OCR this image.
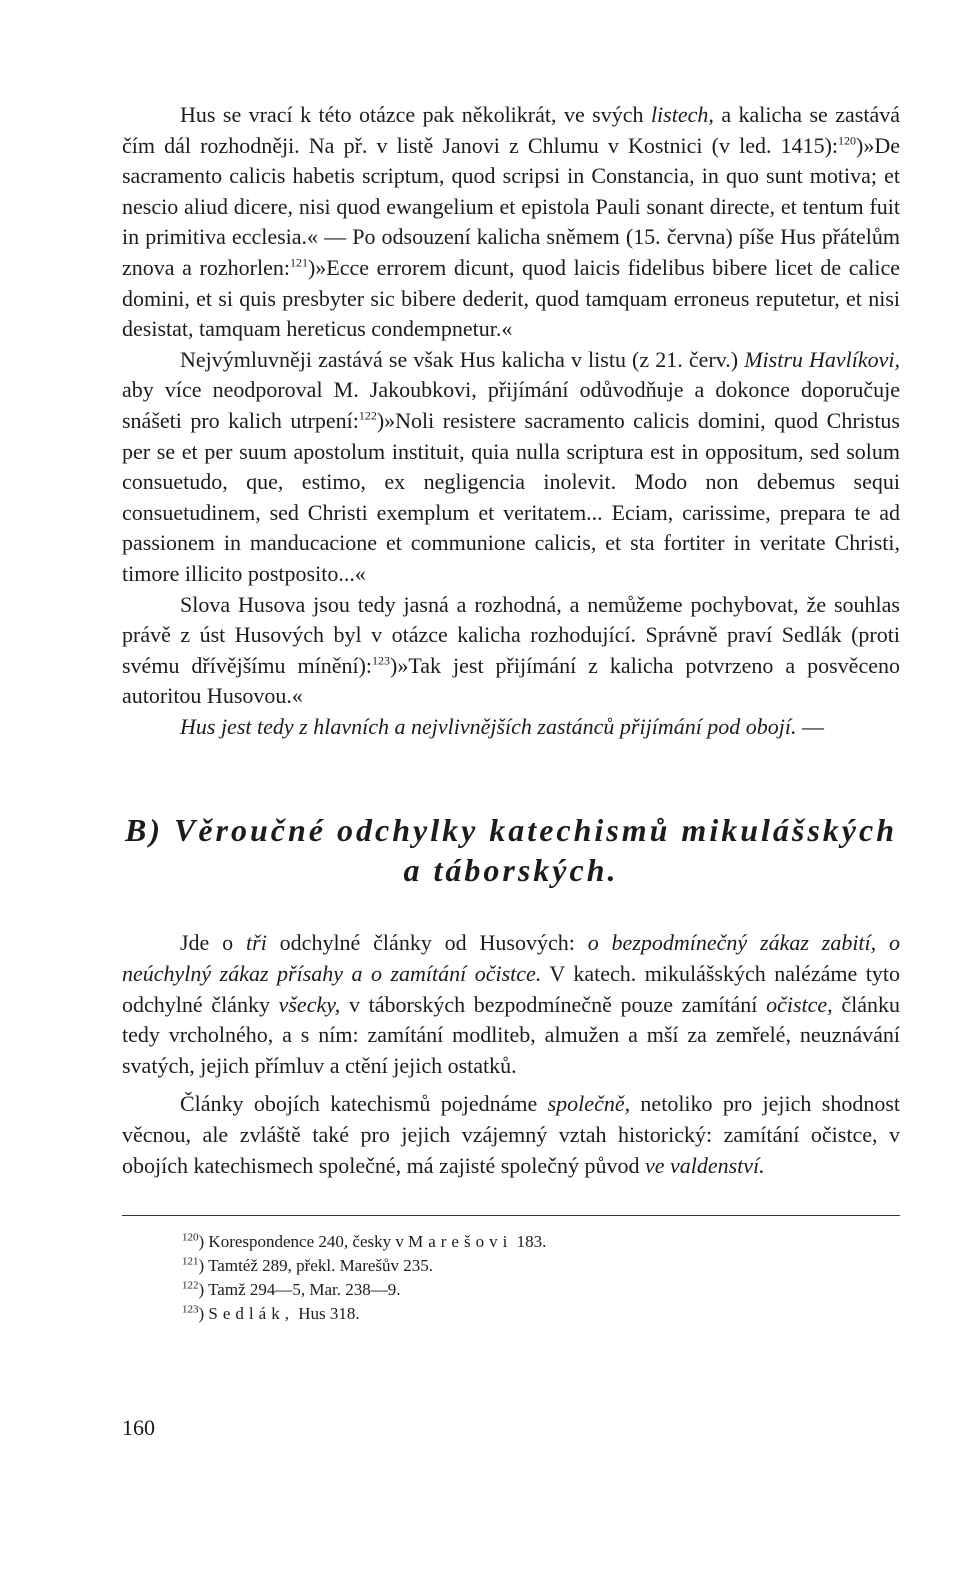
Hus se vrací k této otázce pak několikrát, ve svých listech, a kalicha se zastává čím dál rozhodněji. Na př. v listě Janovi z Chlumu v Kostnici (v led. 1415):$^{120}$)»De sacramento calicis habetis scriptum, quod scripsi in Constancia, in quo sunt motiva; et nescio aliud dicere, nisi quod ewangelium et epistola Pauli sonant directe, et tentum fuit in primitiva ecclesia.« — Po odsouzení kalicha sněmem (15. června) píše Hus přátelům znova a rozhorlen:$^{121}$)»Ecce errorem dicunt, quod laicis fidelibus bibere licet de calice domini, et si quis presbyter sic bibere dederit, quod tamquam erroneus reputetur, et nisi desistat, tamquam hereticus condempnetur.«

Nejvýmluvněji zastává se však Hus kalicha v listu (z 21. červ.) Mistru Havlíkovi, aby více neodporoval M. Jakoubkovi, přijímání odůvodňuje a dokonce doporučuje snášeti pro kalich utrpení:$^{122}$)»Noli resistere sacramento calicis domini, quod Christus per se et per suum apostolum instituit, quia nulla scriptura est in oppositum, sed solum consuetudo, que, estimo, ex negligencia inolevit. Modo non debemus sequi consuetudinem, sed Christi exemplum et veritatem... Eciam, carissime, prepara te ad passionem in manducacione et communione calicis, et sta fortiter in veritate Christi, timore illicito postposito...«

Slova Husova jsou tedy jasná a rozhodná, a nemůžeme pochybovat, že souhlas právě z úst Husových byl v otázce kalicha rozhodující. Správně praví Sedlák (proti svému dřívějšímu mínění):$^{123}$)»Tak jest přijímání z kalicha potvrzeno a posvěceno autoritou Husovou.«

Hus jest tedy z hlavních a nejvlivnějších zastánců přijímání pod obojí. —

B) Věroučné odchylky katechismů mikulášských
a táborských.

Jde o tři odchylné články od Husových: o bezpodmínečný zákaz zabití, o neúchylný zákaz přísahy a o zamítání očistce. V katech. mikulášských nalézáme tyto odchylné články všecky, v táborských bezpodmínečně pouze zamítání očistce, článku tedy vrcholného, a s ním: zamítání modliteb, almužen a mší za zemřelé, neuznávání svatých, jejich přímluv a ctění jejich ostatků.

Články obojích katechismů pojednáme společně, netoliko pro jejich shodnost věcnou, ale zvláště také pro jejich vzájemný vztah historický: zamítání očistce, v obojích katechismech společné, má zajisté společný původ ve valdenství.

$^{120}$) Korespondence 240, česky v Marešovi 183.

$^{121}$) Tamtéž 289, překl. Marešův 235.

$^{122}$) Tamž 294—5, Mar. 238—9.

$^{123}$) Sedlák, Hus 318.

160
